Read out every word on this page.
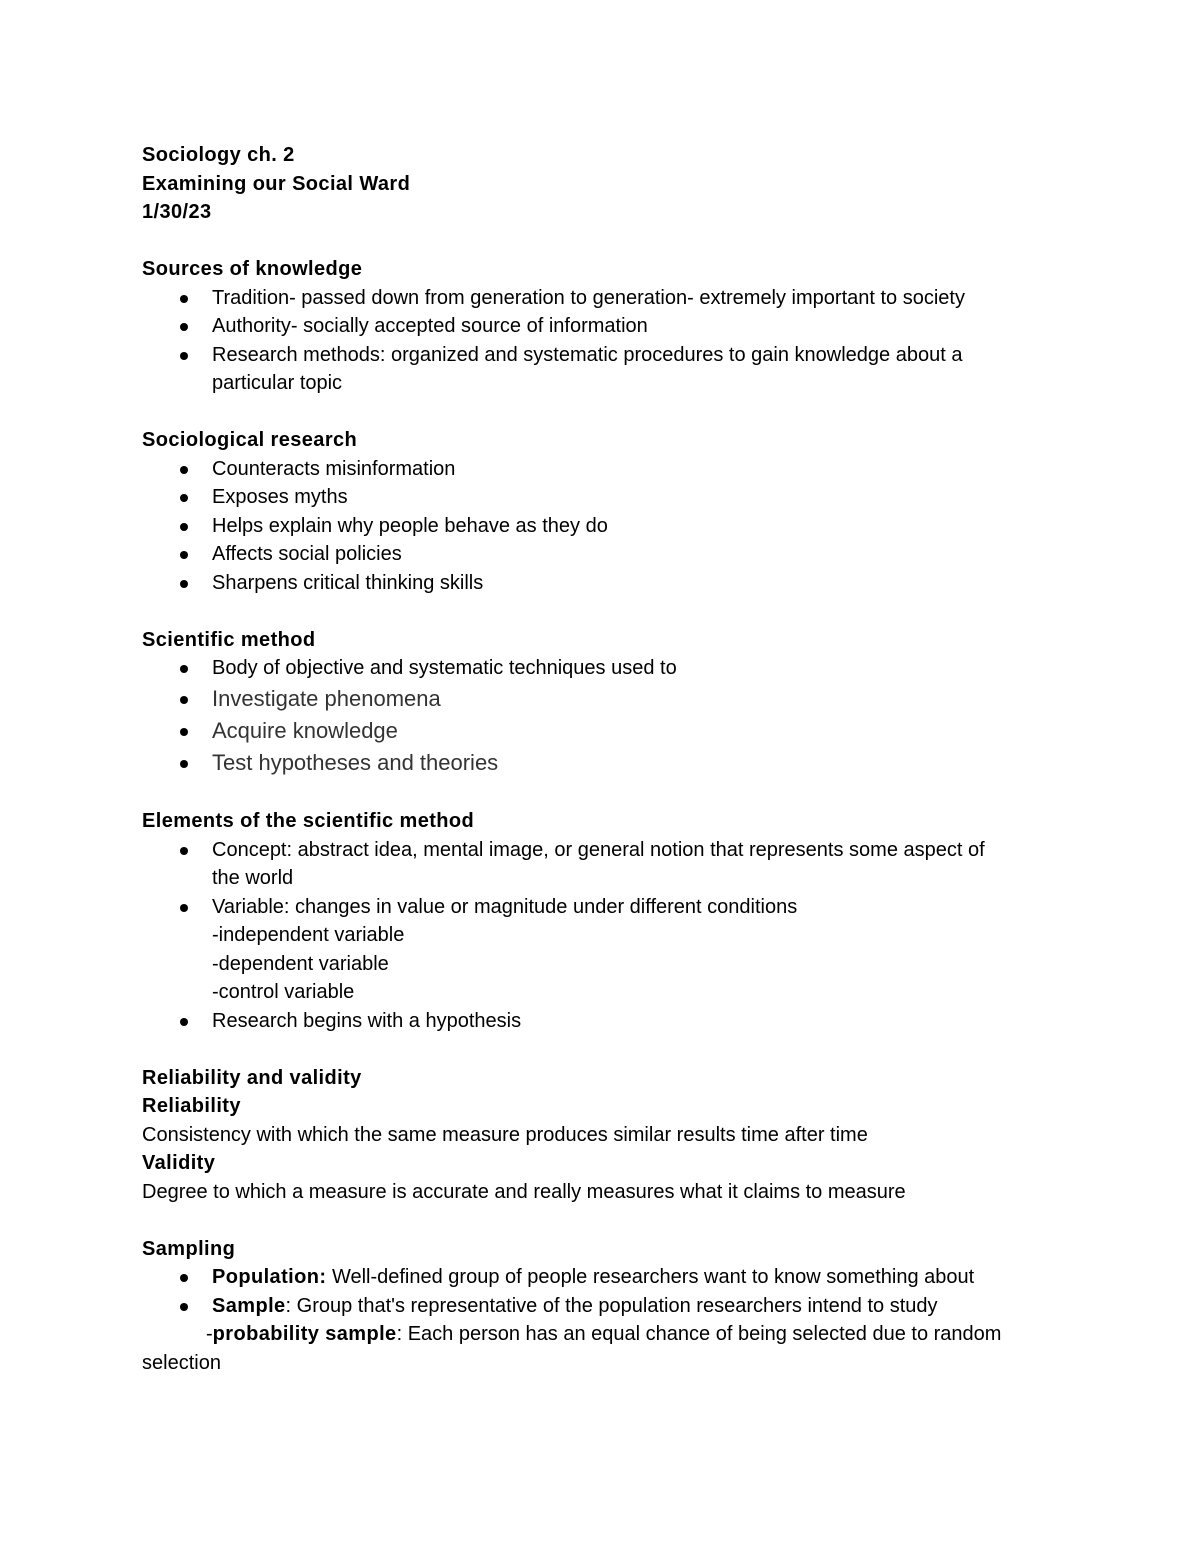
Sociology ch. 2

Examining our Social Ward

1/30/23

Sources of knowledge

Tradition- passed down from generation to generation- extremely important to society
Authority- socially accepted source of information
Research methods: organized and systematic procedures to gain knowledge about a
particular topic

Sociological research

Counteracts misinformation
Exposes myths
Helps explain why people behave as they do
Affects social policies
Sharpens critical thinking skills

Scientific method

Body of objective and systematic techniques used to
Investigate phenomena
Acquire knowledge
Test hypotheses and theories

Elements of the scientific method

Concept: abstract idea, mental image, or general notion that represents some aspect of
the world
Variable: changes in value or magnitude under different conditions
-independent variable
-dependent variable
-control variable
Research begins with a hypothesis

Reliability and validity

Reliability

Consistency with which the same measure produces similar results time after time

Validity

Degree to which a measure is accurate and really measures what it claims to measure

Sampling

Population: Well-defined group of people researchers want to know something about
Sample: Group that's representative of the population researchers intend to study

-probability sample: Each person has an equal chance of being selected due to random

selection
